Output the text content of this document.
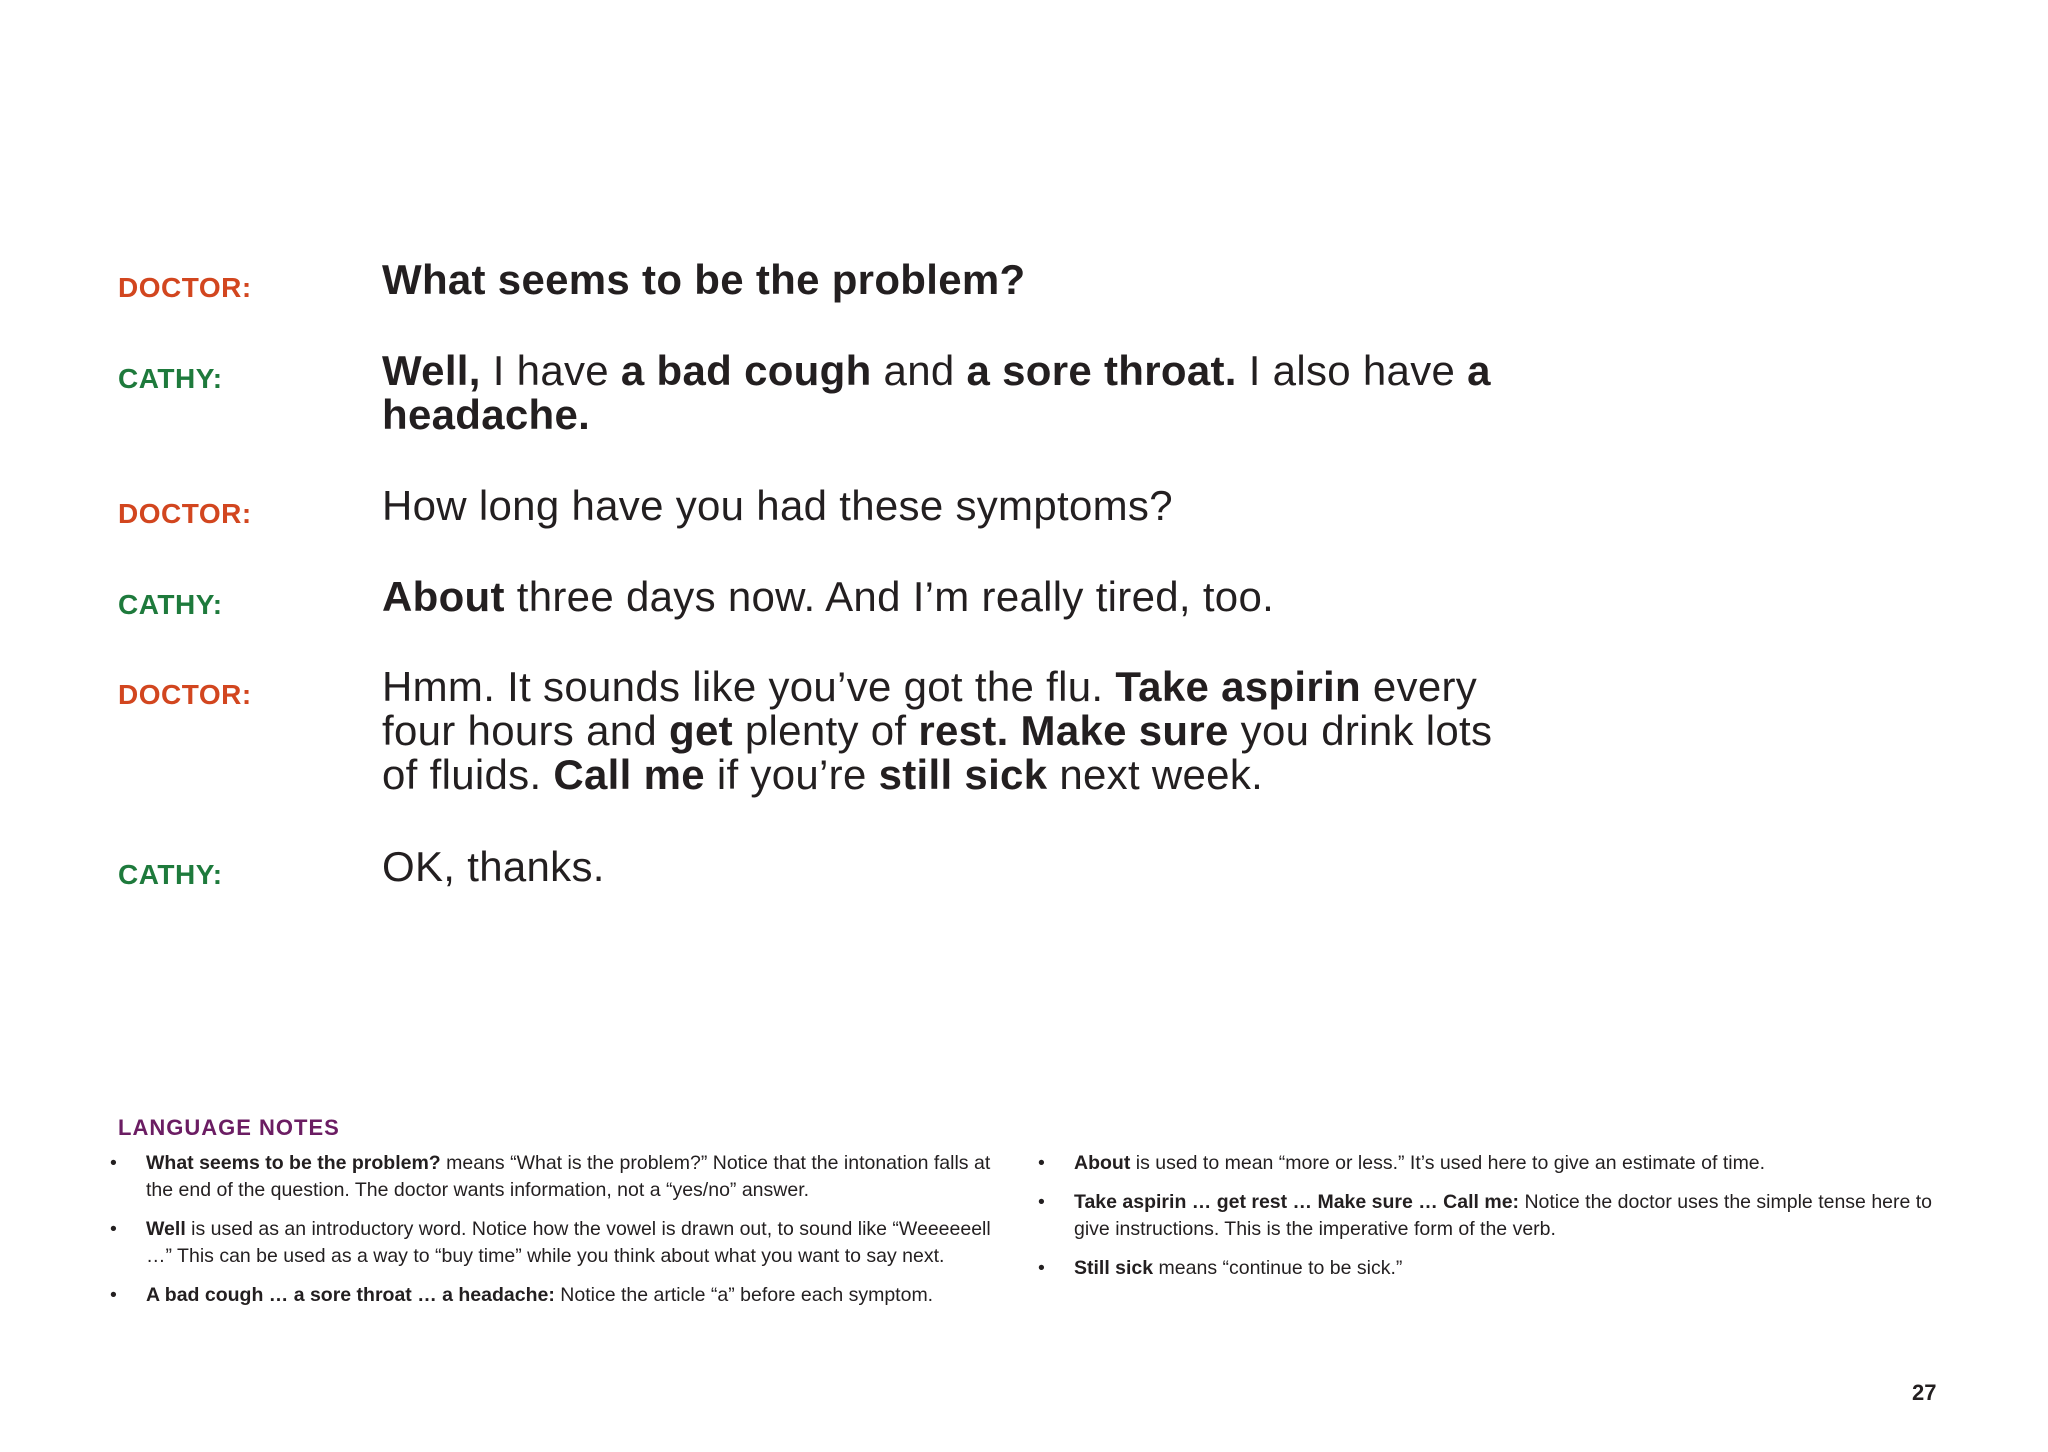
DOCTOR:	What seems to be the problem?
CATHY:	Well, I have a bad cough and a sore throat. I also have a headache.
DOCTOR:	How long have you had these symptoms?
CATHY:	About three days now. And I’m really tired, too.
DOCTOR:	Hmm. It sounds like you’ve got the flu. Take aspirin every four hours and get plenty of rest. Make sure you drink lots of fluids. Call me if you’re still sick next week.
CATHY:	OK, thanks.
LANGUAGE NOTES
• What seems to be the problem? means “What is the problem?” Notice that the intonation falls at the end of the question. The doctor wants information, not a “yes/no” answer.
• Well is used as an introductory word. Notice how the vowel is drawn out, to sound like “Weeeeeell …” This can be used as a way to “buy time” while you think about what you want to say next.
• A bad cough … a sore throat … a headache: Notice the article “a” before each symptom.
• About is used to mean “more or less.” It’s used here to give an estimate of time.
• Take aspirin … get rest … Make sure … Call me: Notice the doctor uses the simple tense here to give instructions. This is the imperative form of the verb.
• Still sick means “continue to be sick.”
27
